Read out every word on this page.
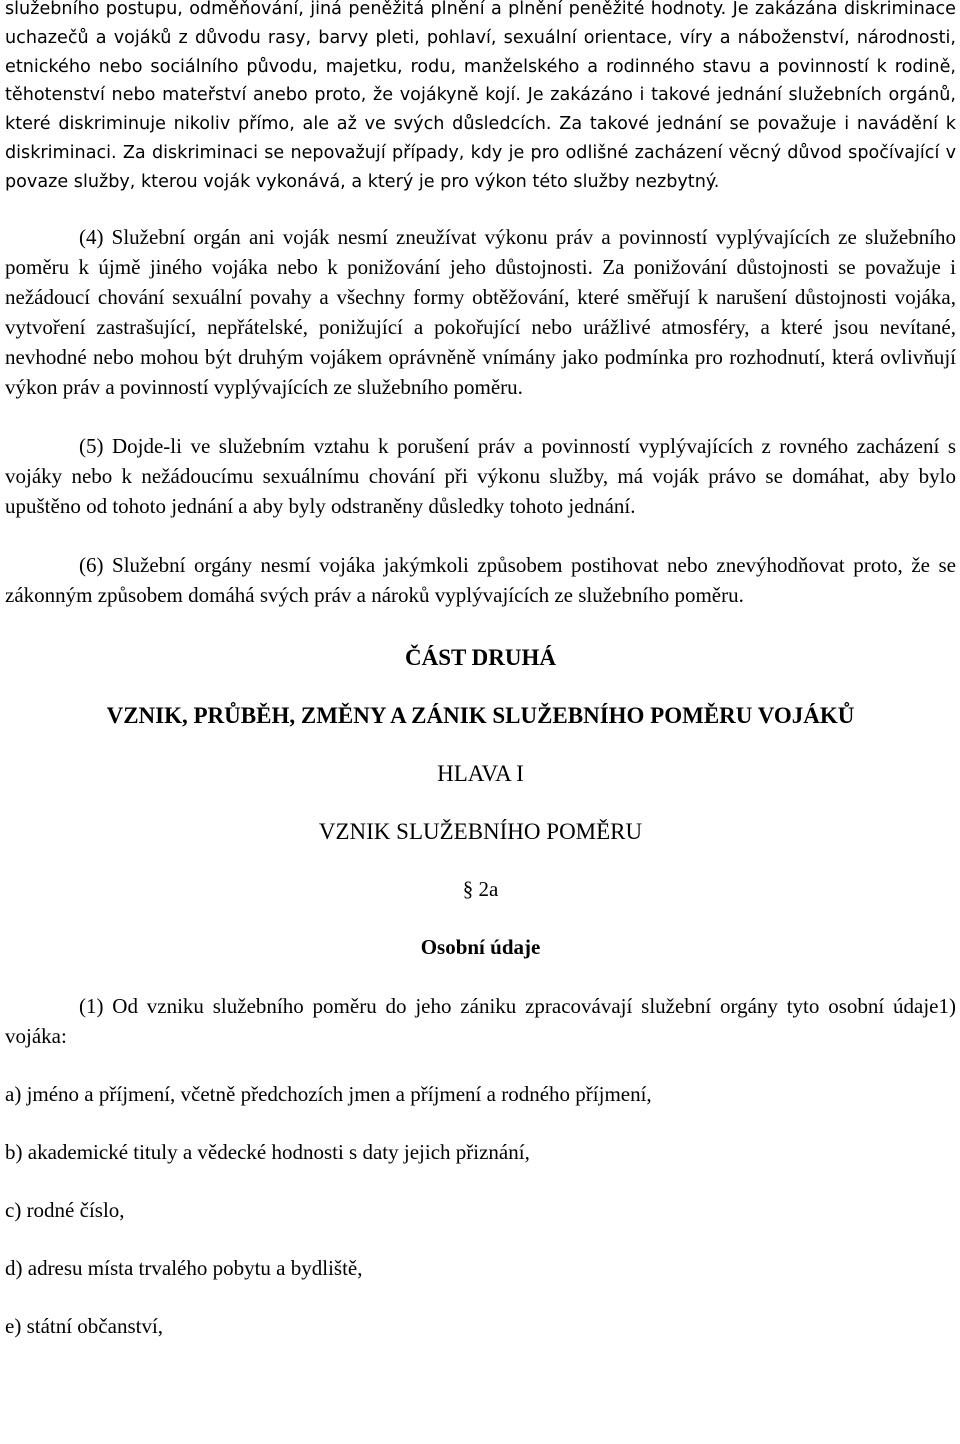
služebního postupu, odměňování, jiná peněžitá plnění a plnění peněžité hodnoty. Je zakázána diskriminace uchazečů a vojáků z důvodu rasy, barvy pleti, pohlaví, sexuální orientace, víry a náboženství, národnosti, etnického nebo sociálního původu, majetku, rodu, manželského a rodinného stavu a povinností k rodině, těhotenství nebo mateřství anebo proto, že vojákyně kojí. Je zakázáno i takové jednání služebních orgánů, které diskriminuje nikoliv přímo, ale až ve svých důsledcích. Za takové jednání se považuje i navádění k diskriminaci. Za diskriminaci se nepovažují případy, kdy je pro odlišné zacházení věcný důvod spočívající v povaze služby, kterou voják vykonává, a který je pro výkon této služby nezbytný.

(4) Služební orgán ani voják nesmí zneužívat výkonu práv a povinností vyplývajících ze služebního poměru k újmě jiného vojáka nebo k ponižování jeho důstojnosti. Za ponižování důstojnosti se považuje i nežádoucí chování sexuální povahy a všechny formy obtěžování, které směřují k narušení důstojnosti vojáka, vytvoření zastrašující, nepřátelské, ponižující a pokořující nebo urážlivé atmosféry, a které jsou nevítané, nevhodné nebo mohou být druhým vojákem oprávněně vnímány jako podmínka pro rozhodnutí, která ovlivňují výkon práv a povinností vyplývajících ze služebního poměru.

(5) Dojde-li ve služebním vztahu k porušení práv a povinností vyplývajících z rovného zacházení s vojáky nebo k nežádoucímu sexuálnímu chování při výkonu služby, má voják právo se domáhat, aby bylo upuštěno od tohoto jednání a aby byly odstraněny důsledky tohoto jednání.

(6) Služební orgány nesmí vojáka jakýmkoli způsobem postihovat nebo znevýhodňovat proto, že se zákonným způsobem domáhá svých práv a nároků vyplývajících ze služebního poměru.

ČÁST DRUHÁ

VZNIK, PRŮBĚH, ZMĚNY A ZÁNIK SLUŽEBNÍHO POMĚRU VOJÁKŮ

HLAVA I

VZNIK SLUŽEBNÍHO POMĚRU

§ 2a

Osobní údaje

(1) Od vzniku služebního poměru do jeho zániku zpracovávají služební orgány tyto osobní údaje1) vojáka:

a) jméno a příjmení, včetně předchozích jmen a příjmení a rodného příjmení,

b) akademické tituly a vědecké hodnosti s daty jejich přiznání,

c) rodné číslo,

d) adresu místa trvalého pobytu a bydliště,

e) státní občanství,
